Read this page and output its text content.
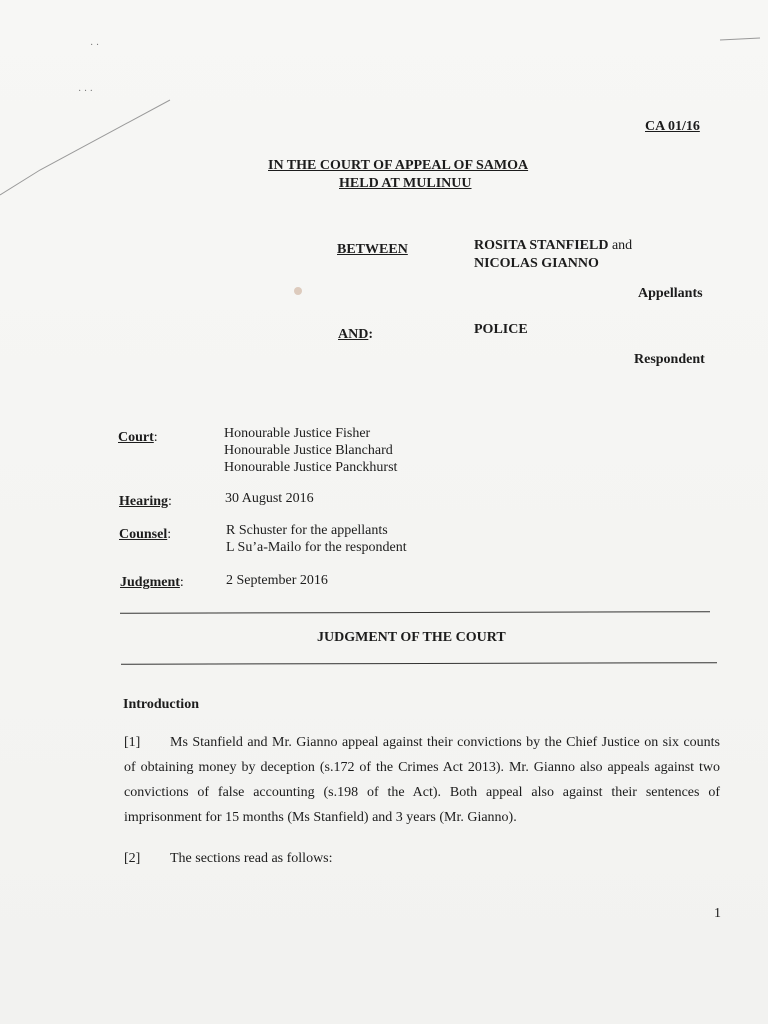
· ·
· · ·
CA 01/16
IN THE COURT OF APPEAL OF SAMOA
HELD AT MULINUU
BETWEEN	ROSITA STANFIELD and
NICOLAS GIANNO
Appellants
AND:	POLICE
Respondent
Court:	Honourable Justice Fisher
Honourable Justice Blanchard
Honourable Justice Panckhurst
Hearing:	30 August 2016
Counsel:	R Schuster for the appellants
L Su’a-Mailo for the respondent
Judgment:	2 September 2016
JUDGMENT OF THE COURT
Introduction
[1] Ms Stanfield and Mr. Gianno appeal against their convictions by the Chief Justice on six counts of obtaining money by deception (s.172 of the Crimes Act 2013). Mr. Gianno also appeals against two convictions of false accounting (s.198 of the Act). Both appeal also against their sentences of imprisonment for 15 months (Ms Stanfield) and 3 years (Mr. Gianno).
[2] The sections read as follows:
1
